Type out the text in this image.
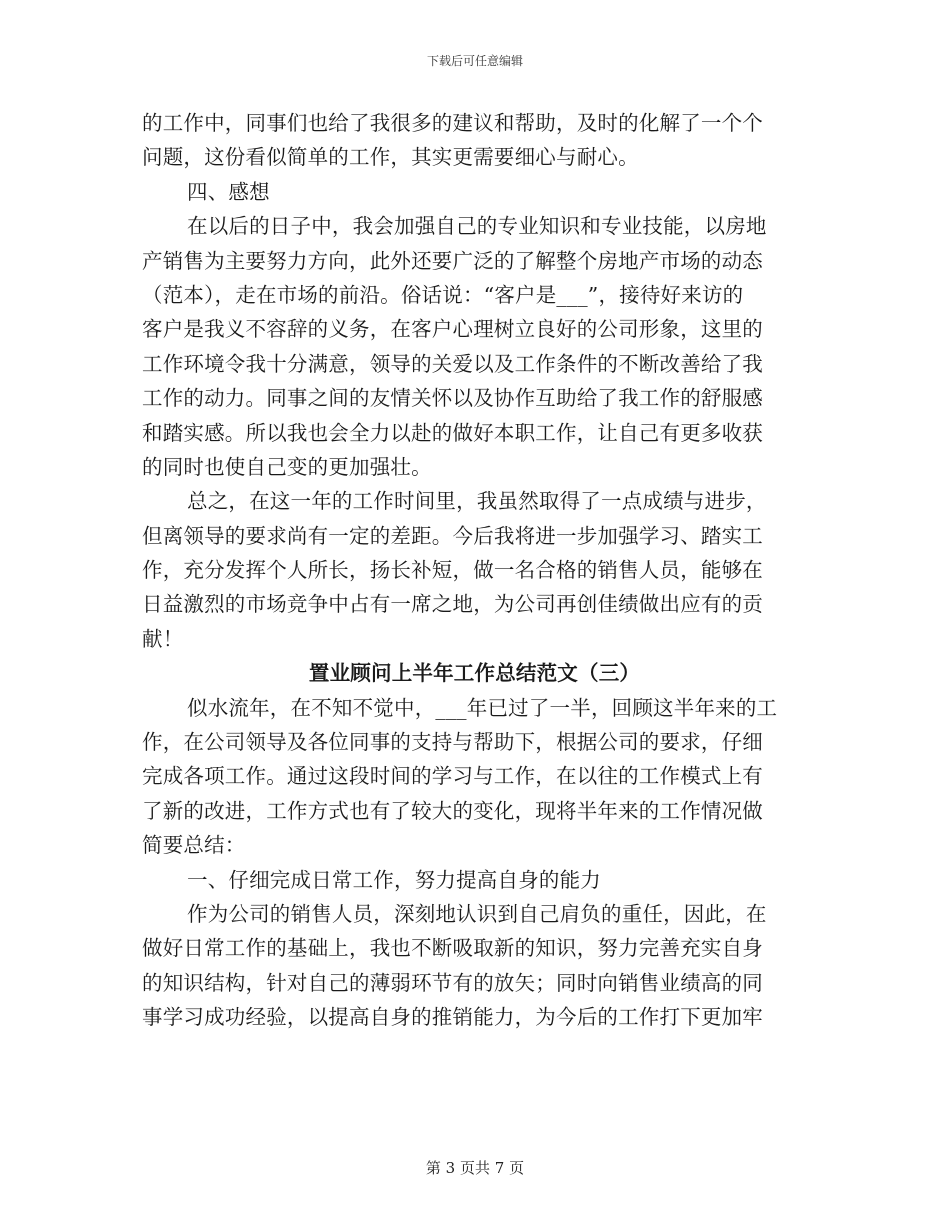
下载后可任意编辑
的工作中，同事们也给了我很多的建议和帮助，及时的化解了一个个
问题，这份看似简单的工作，其实更需要细心与耐心。
四、感想
在以后的日子中，我会加强自己的专业知识和专业技能，以房地
产销售为主要努力方向，此外还要广泛的了解整个房地产市场的动态
（范本），走在市场的前沿。俗话说：“客户是___”，接待好来访的
客户是我义不容辞的义务，在客户心理树立良好的公司形象，这里的
工作环境令我十分满意，领导的关爱以及工作条件的不断改善给了我
工作的动力。同事之间的友情关怀以及协作互助给了我工作的舒服感
和踏实感。所以我也会全力以赴的做好本职工作，让自己有更多收获
的同时也使自己变的更加强壮。
总之，在这一年的工作时间里，我虽然取得了一点成绩与进步，
但离领导的要求尚有一定的差距。今后我将进一步加强学习、踏实工
作，充分发挥个人所长，扬长补短，做一名合格的销售人员，能够在
日益激烈的市场竞争中占有一席之地，为公司再创佳绩做出应有的贡
献！
置业顾问上半年工作总结范文（三）
似水流年，在不知不觉中，___年已过了一半，回顾这半年来的工
作，在公司领导及各位同事的支持与帮助下，根据公司的要求，仔细
完成各项工作。通过这段时间的学习与工作，在以往的工作模式上有
了新的改进，工作方式也有了较大的变化，现将半年来的工作情况做
简要总结：
一、仔细完成日常工作，努力提高自身的能力
作为公司的销售人员，深刻地认识到自己肩负的重任，因此，在
做好日常工作的基础上，我也不断吸取新的知识，努力完善充实自身
的知识结构，针对自己的薄弱环节有的放矢；同时向销售业绩高的同
事学习成功经验，以提高自身的推销能力，为今后的工作打下更加牢
第 3 页共 7 页
